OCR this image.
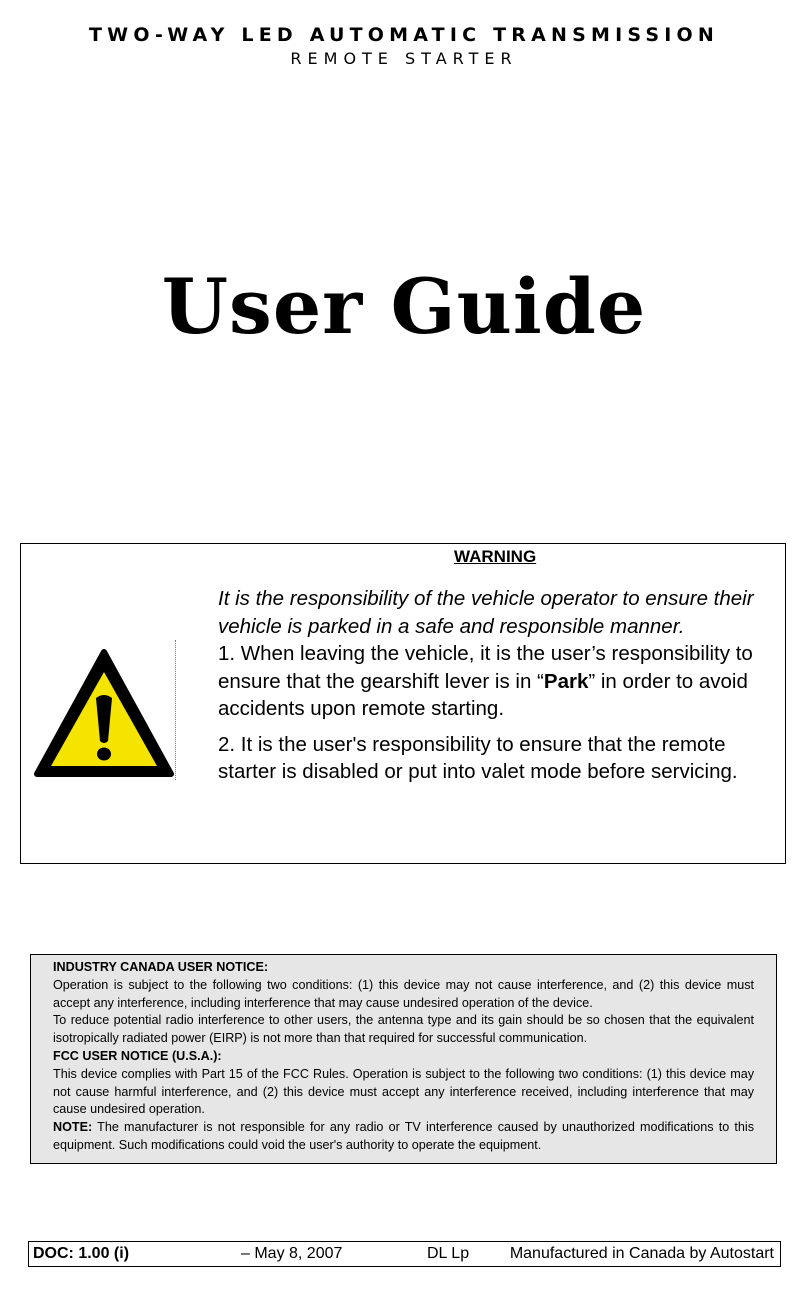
TWO-WAY LED AUTOMATIC TRANSMISSION
REMOTE STARTER
User Guide
WARNING

It is the responsibility of the vehicle operator to ensure their vehicle is parked in a safe and responsible manner.

1. When leaving the vehicle, it is the user’s responsibility to ensure that the gearshift lever is in “Park” in order to avoid accidents upon remote starting.

2. It is the user's responsibility to ensure that the remote starter is disabled or put into valet mode before servicing.

INDUSTRY CANADA USER NOTICE:

Operation is subject to the following two conditions: (1) this device may not cause interference, and (2) this device must accept any interference, including interference that may cause undesired operation of the device.

To reduce potential radio interference to other users, the antenna type and its gain should be so chosen that the equivalent isotropically radiated power (EIRP) is not more than that required for successful communication.

FCC USER NOTICE (U.S.A.):

This device complies with Part 15 of the FCC Rules. Operation is subject to the following two conditions: (1) this device may not cause harmful interference, and (2) this device must accept any interference received, including interference that may cause undesired operation.

NOTE: The manufacturer is not responsible for any radio or TV interference caused by unauthorized modifications to this equipment. Such modifications could void the user's authority to operate the equipment.

DOC: 1.00 (i)	– May 8, 2007	DL Lp	Manufactured in Canada by Autostart
